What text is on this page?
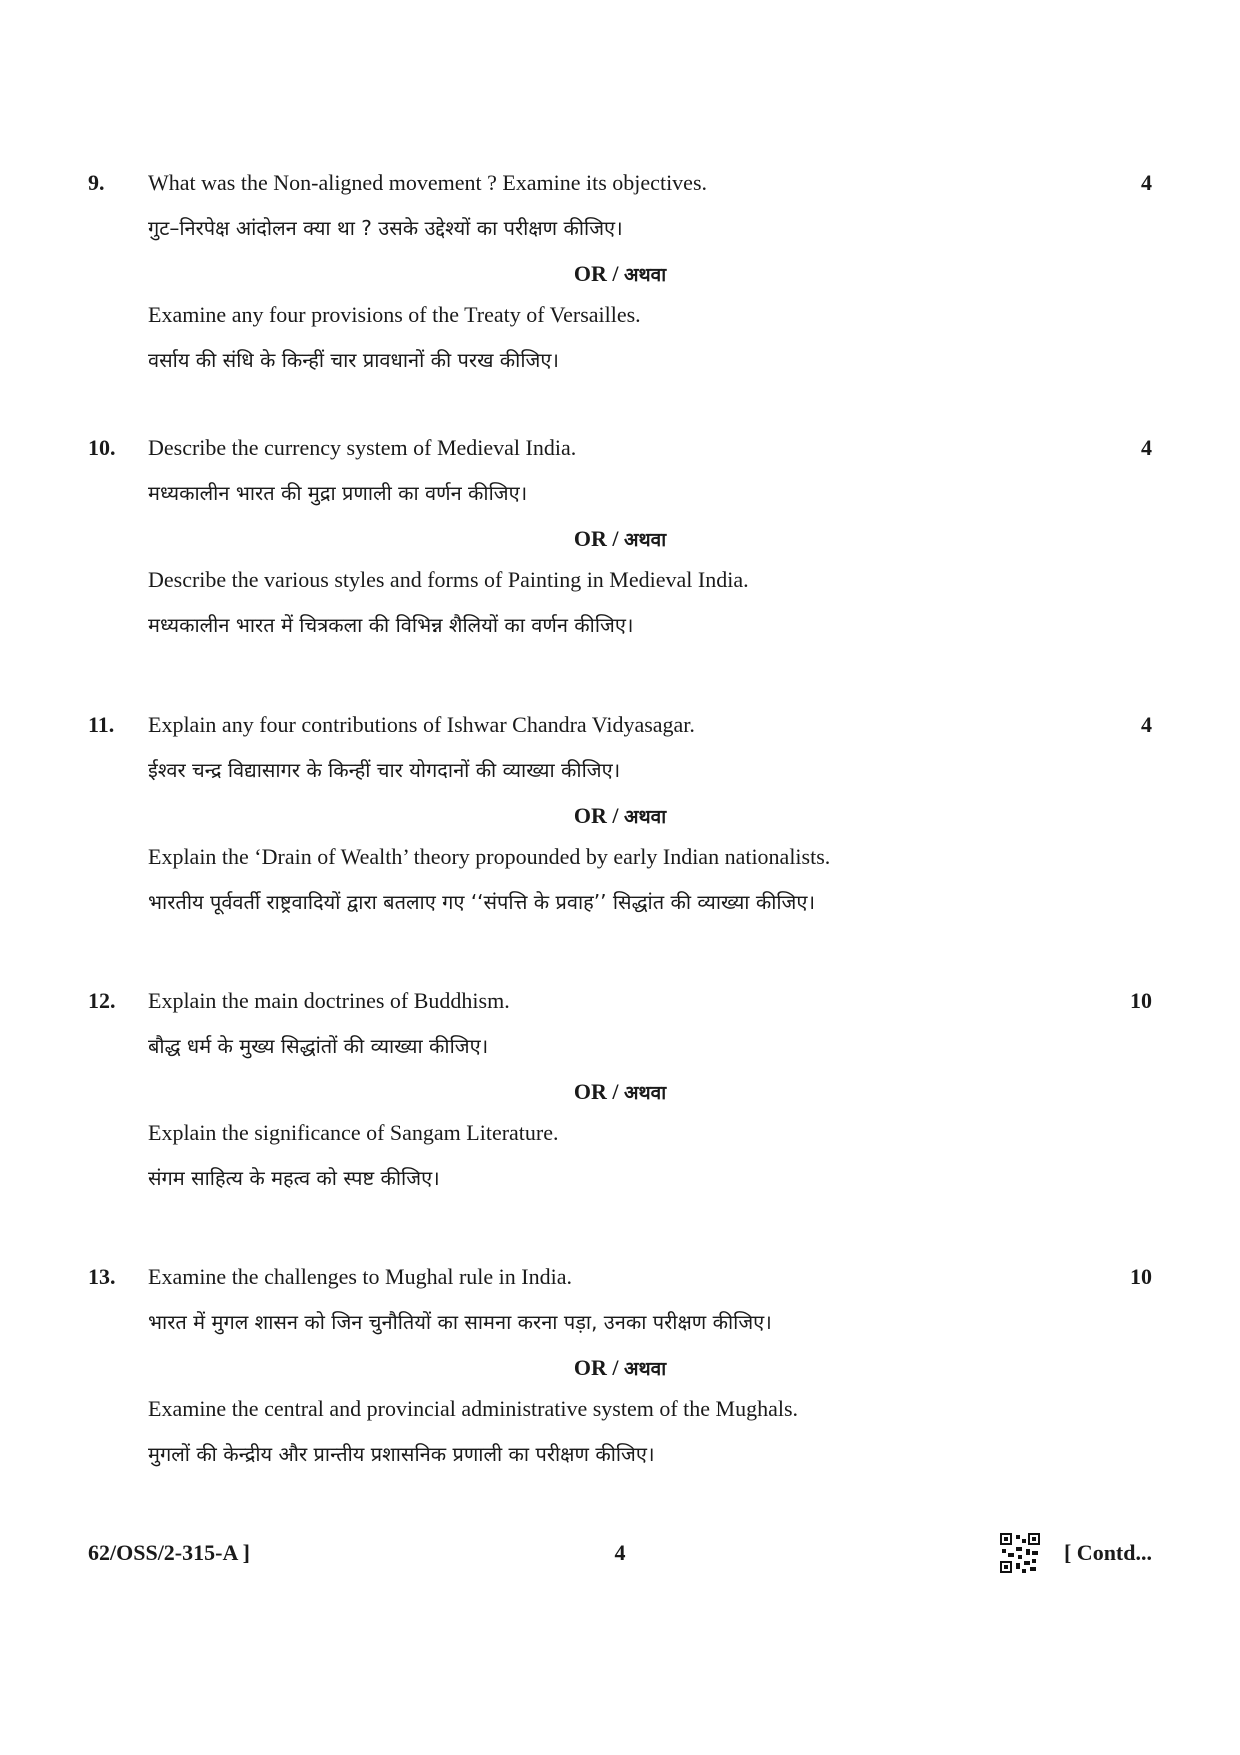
9.	4
What was the Non-aligned movement ? Examine its objectives.
गुट–निरपेक्ष आंदोलन क्या था ? उसके उद्देश्यों का परीक्षण कीजिए।
OR / अथवा
Examine any four provisions of the Treaty of Versailles.
वर्साय की संधि के किन्हीं चार प्रावधानों की परख कीजिए।
10.	4
Describe the currency system of Medieval India.
मध्यकालीन भारत की मुद्रा प्रणाली का वर्णन कीजिए।
OR / अथवा
Describe the various styles and forms of Painting in Medieval India.
मध्यकालीन भारत में चित्रकला की विभिन्न शैलियों का वर्णन कीजिए।
11.	4
Explain any four contributions of Ishwar Chandra Vidyasagar.
ईश्वर चन्द्र विद्यासागर के किन्हीं चार योगदानों की व्याख्या कीजिए।
OR / अथवा
Explain the ‘Drain of Wealth’ theory propounded by early Indian nationalists.
भारतीय पूर्ववर्ती राष्ट्रवादियों द्वारा बतलाए गए ‘‘संपत्ति के प्रवाह’’ सिद्धांत की व्याख्या कीजिए।
12.	10
Explain the main doctrines of Buddhism.
बौद्ध धर्म के मुख्य सिद्धांतों की व्याख्या कीजिए।
OR / अथवा
Explain the significance of Sangam Literature.
संगम साहित्य के महत्व को स्पष्ट कीजिए।
13.	10
Examine the challenges to Mughal rule in India.
भारत में मुगल शासन को जिन चुनौतियों का सामना करना पड़ा, उनका परीक्षण कीजिए।
OR / अथवा
Examine the central and provincial administrative system of the Mughals.
मुगलों की केन्द्रीय और प्रान्तीय प्रशासनिक प्रणाली का परीक्षण कीजिए।
62/OSS/2-315-A ]	4	[ Contd...
